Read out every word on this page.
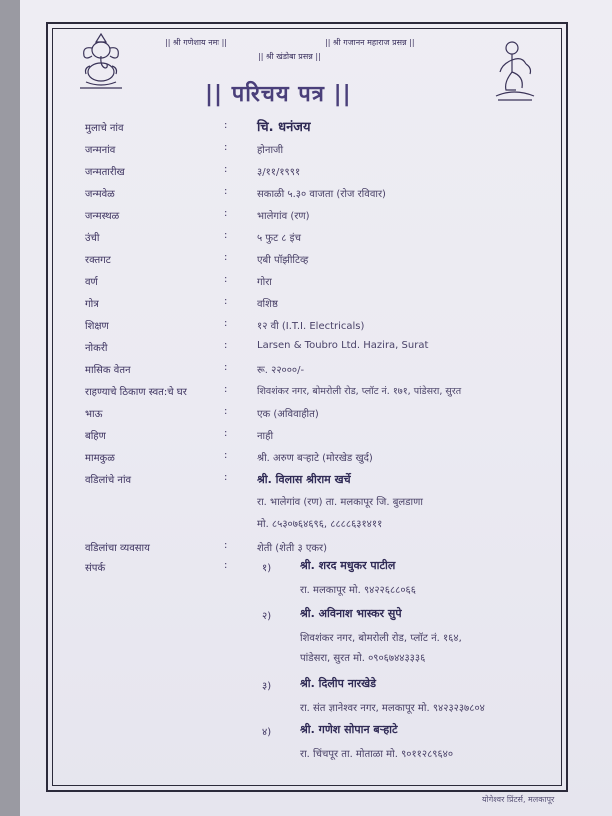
|| श्री गणेशाय नमः ||	|| श्री गजानन महाराज प्रसन्न ||
|| श्री खंडोबा प्रसन्न ||
|| परिचय पत्र ||
मुलाचे नांव	: चि. धनंजय
जन्मनांव	:	होनाजी
जन्मतारीख	:	३/११/१९९१
जन्मवेळ	:	सकाळी ५.३० वाजता (रोज रविवार)
जन्मस्थळ	:	भालेगांव (रण)
उंची	:	५ फुट ८ इंच
रक्तगट	:	एबी पॉझीटिव्ह
वर्ण	:	गोरा
गोत्र	:	वशिष्ठ
शिक्षण	:	१२ वी (I.T.I. Electricals)
नोकरी	:	Larsen & Toubro Ltd. Hazira, Surat
मासिक वेतन	:	रू. २२०००/-
राहण्याचे ठिकाण स्वत:चे घर	:	शिवशंकर नगर, बोमरोली रोड, प्लॉट नं. १७१, पांडेसरा, सुरत
भाऊ	:	एक (अविवाहीत)
बहिण	:	नाही
मामकुळ	:	श्री. अरुण बऱ्हाटे (मोरखेड खुर्द)
वडिलांचे नांव	:	श्री. विलास श्रीराम खर्चे
रा. भालेगांव (रण) ता. मलकापूर जि. बुलडाणा
मो. ८५३०७६४६९६, ८८८८६३१४११
वडिलांचा व्यवसाय	:	शेती (शेती ३ एकर)
संपर्क	:	१)	श्री. शरद मधुकर पाटील
रा. मलकापूर मो. ९४२२६८८०६६
२)	श्री. अविनाश भास्कर सुपे
शिवशंकर नगर, बोमरोली रोड, प्लॉट नं. १६४,
पांडेसरा, सुरत मो. ०९०६७४४३३३६
३)	श्री. दिलीप नारखेडे
रा. संत ज्ञानेश्वर नगर, मलकापूर मो. ९४२३२३७८०४
४)	श्री. गणेश सोपान बऱ्हाटे
रा. चिंचपूर ता. मोताळा मो. ९०११२८९६४०
योगेश्वर प्रिंटर्स, मलकापूर
